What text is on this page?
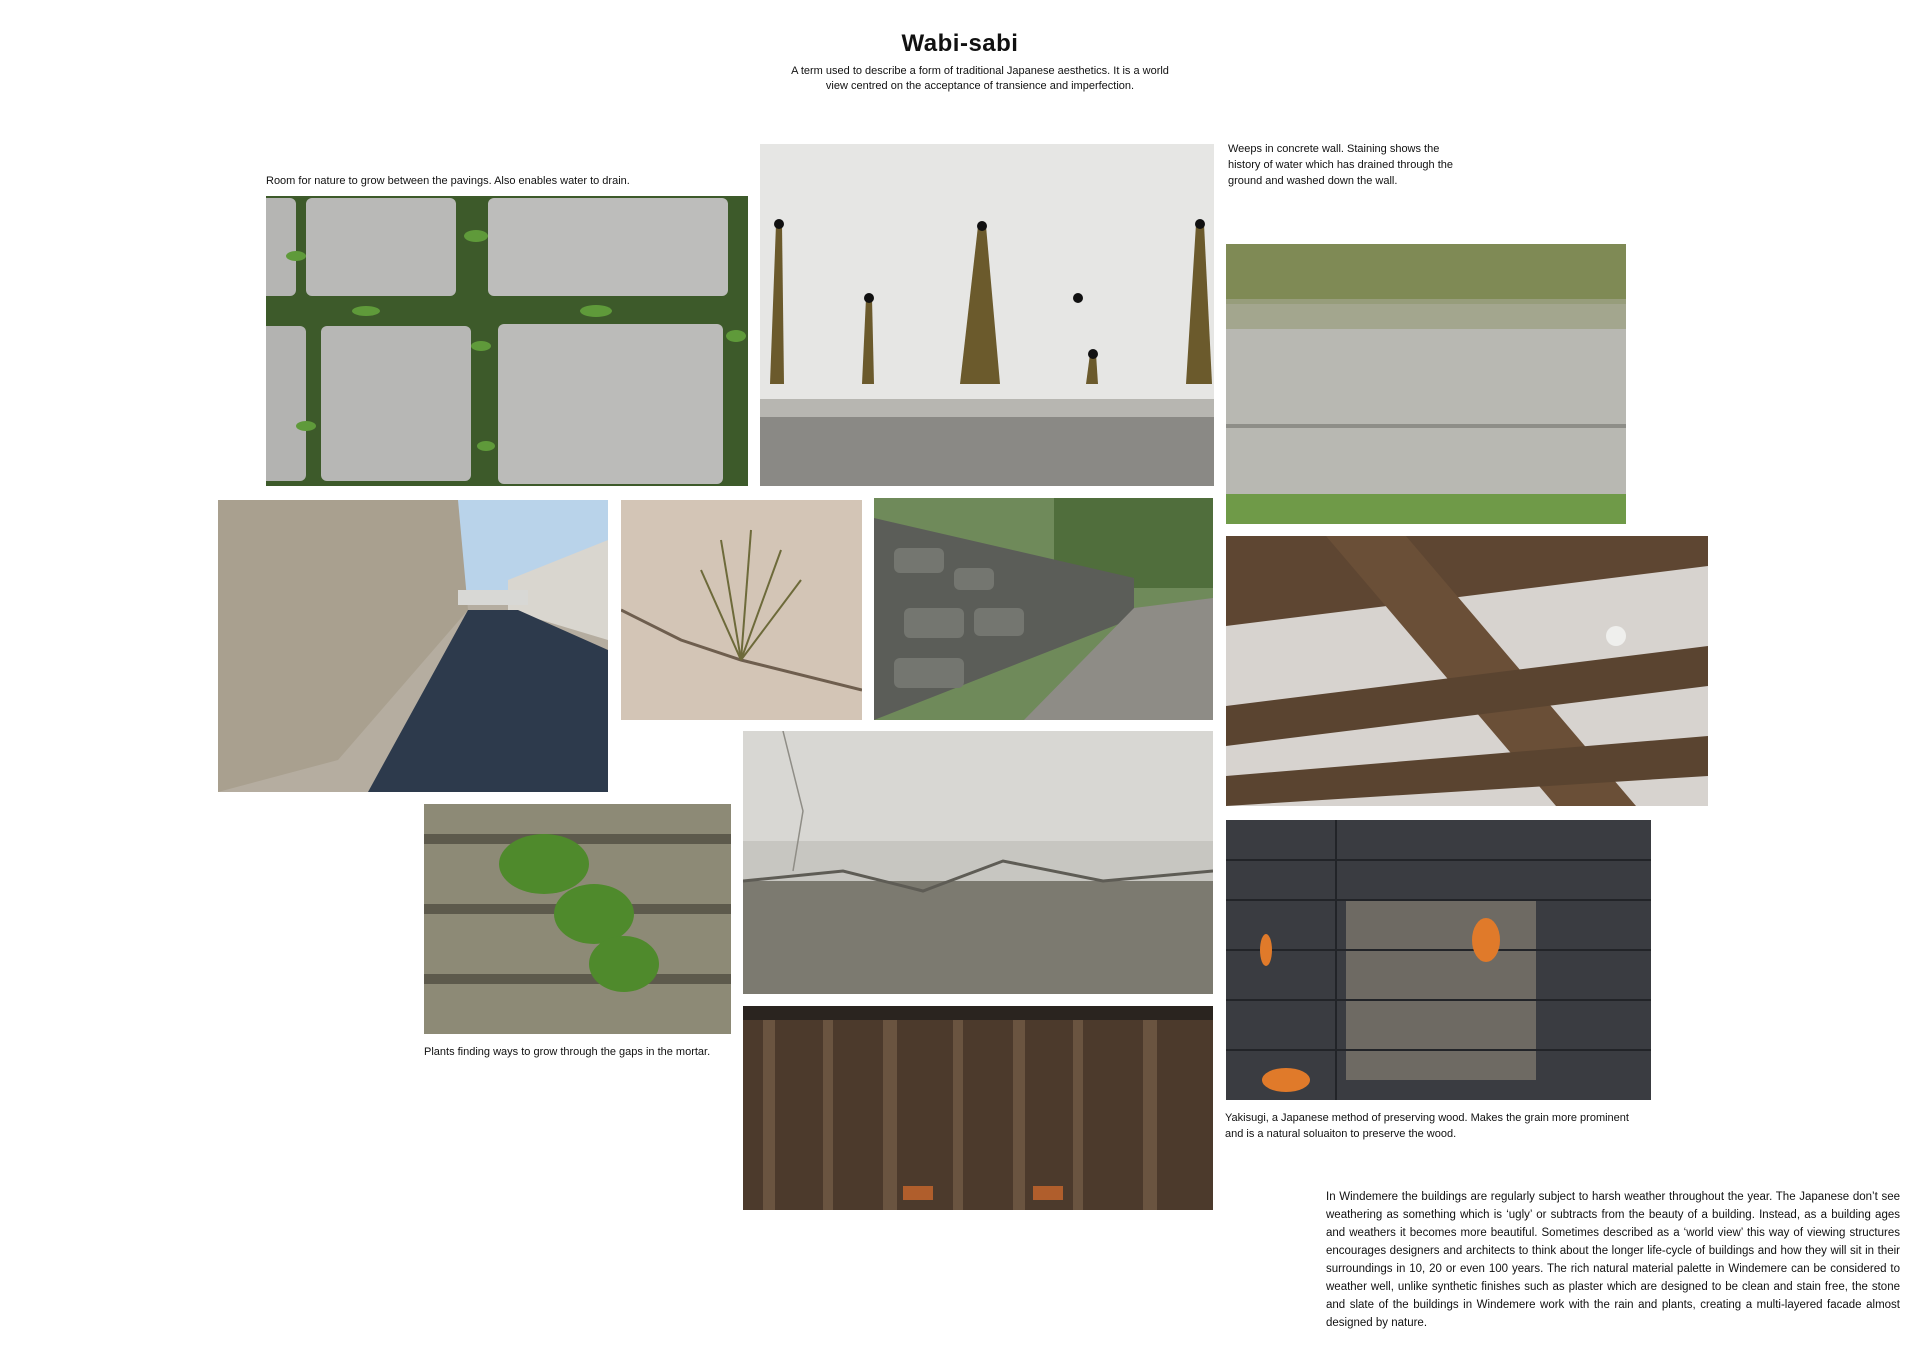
Wabi-sabi
A term used to describe a form of traditional Japanese aesthetics. It is a world view centred on the acceptance of transience and imperfection.
Room for nature to grow between the pavings. Also enables water to drain.
Weeps in concrete wall. Staining shows the history of water which has drained through the ground and washed down the wall.
Plants finding ways to grow through the gaps in the mortar.
Yakisugi, a Japanese method of preserving wood. Makes the grain more prominent and is a natural soluaiton to preserve the wood.
In Windemere the buildings are regularly subject to harsh weather throughout the year. The Japanese don’t see weathering as something which is ‘ugly’ or subtracts from the beauty of a building. Instead, as a building ages and weathers it becomes more beautiful. Sometimes described as a ‘world view’ this way of viewing structures encourages designers and architects to think about the longer life-cycle of buildings and how they will sit in their surroundings in 10, 20 or even 100 years. The rich natural material palette in Windemere can be considered to weather well, unlike synthetic finishes such as plaster which are designed to be clean and stain free, the stone and slate of the buildings in Windemere work with the rain and plants, creating a multi-layered facade almost designed by nature.
